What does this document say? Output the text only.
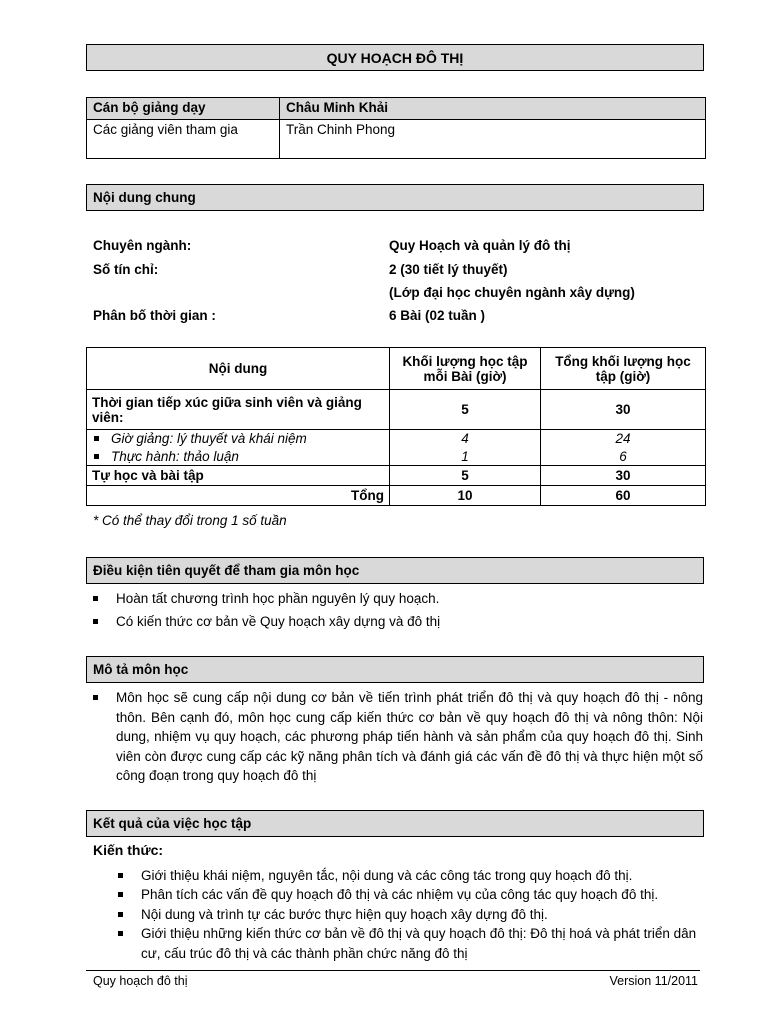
QUY HOẠCH ĐÔ THỊ
Cán bộ giảng dạy	Châu Minh Khải
Các giảng viên tham gia	Trần Chinh Phong
Nội dung chung
Chuyên ngành:	Quy Hoạch và quản lý đô thị
Số tín chỉ:	2 (30 tiết lý thuyết)
(Lớp đại học chuyên ngành xây dựng)
Phân bố thời gian :	6 Bài (02 tuần )
Nội dung	Khối lượng học tập mỗi Bài (giờ)	Tổng khối lượng học tập (giờ)
Thời gian tiếp xúc giữa sinh viên và giảng viên:	5	30
Giờ giảng: lý thuyết và khái niệm	4	24
Thực hành: thảo luận	1	6
Tự học và bài tập	5	30
Tổng	10	60
* Có thể thay đổi trong 1 số tuần
Điều kiện tiên quyết để tham gia môn học
Hoàn tất chương trình học phần nguyên lý quy hoạch.
Có kiến thức cơ bản về Quy hoạch xây dựng và đô thị
Mô tả môn học
Môn học sẽ cung cấp nội dung cơ bản về tiến trình phát triển đô thị và quy hoạch đô thị - nông thôn. Bên cạnh đó, môn học cung cấp kiến thức cơ bản về quy hoạch đô thị và nông thôn: Nội dung, nhiệm vụ quy hoạch, các phương pháp tiến hành và sản phẩm của quy hoạch đô thị. Sinh viên còn được cung cấp các kỹ năng phân tích và đánh giá các vấn đề đô thị và thực hiện một số công đoạn trong quy hoạch đô thị
Kết quả của việc học tập
Kiến thức:
Giới thiệu khái niệm, nguyên tắc, nội dung và các công tác trong quy hoạch đô thị.
Phân tích các vấn đề quy hoạch đô thị và các nhiệm vụ của công tác quy hoạch đô thị.
Nội dung và trình tự các bước thực hiện quy hoạch xây dựng đô thị.
Giới thiệu những kiến thức cơ bản về đô thị và quy hoạch đô thị: Đô thị hoá và phát triển dân cư, cấu trúc đô thị và các thành phần chức năng đô thị
Quy hoạch đô thị	Version 11/2011
